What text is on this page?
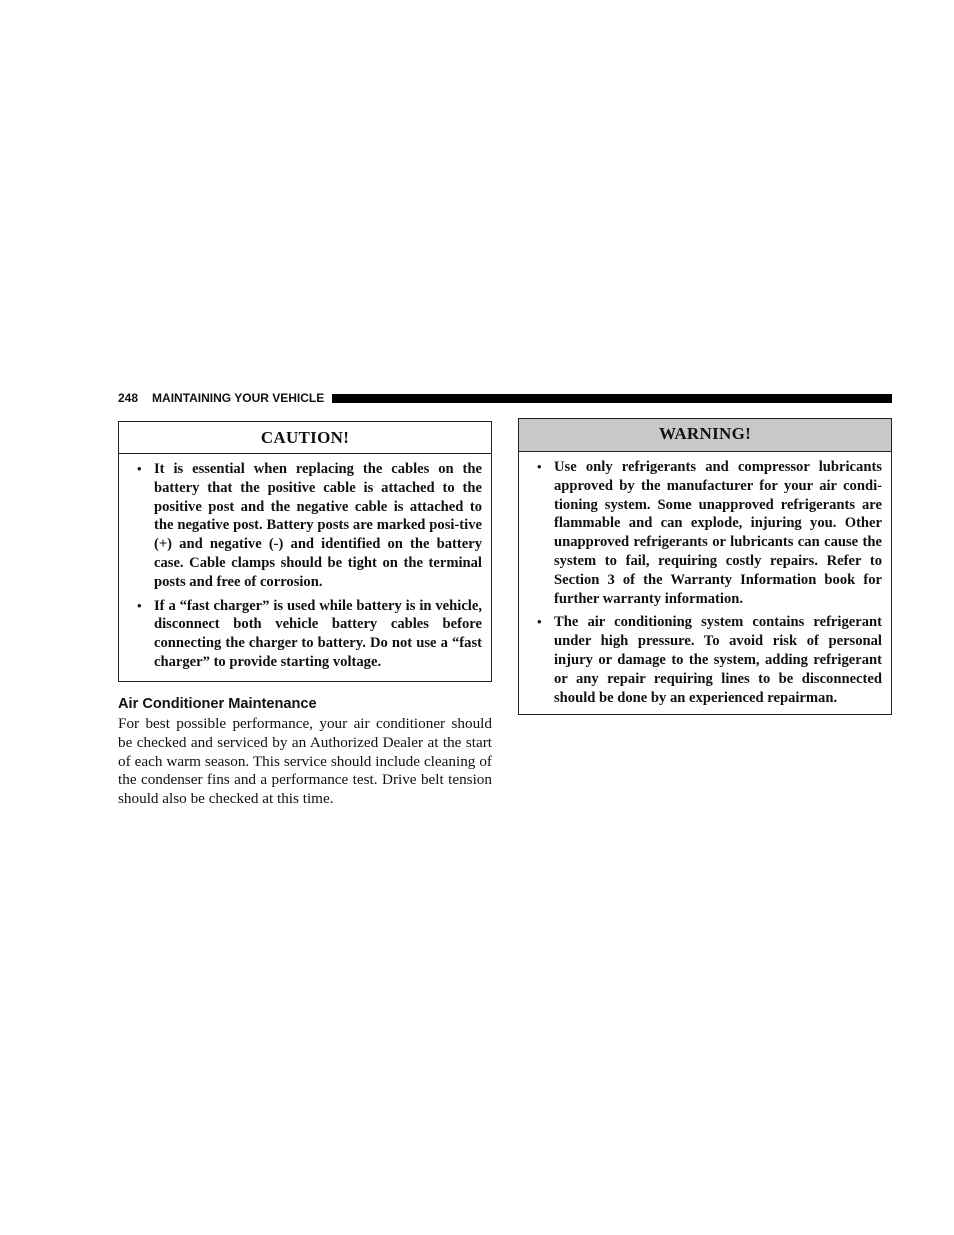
248 MAINTAINING YOUR VEHICLE
CAUTION!
• It is essential when replacing the cables on the battery that the positive cable is attached to the positive post and the negative cable is attached to the negative post. Battery posts are marked posi-tive (+) and negative (-) and identified on the battery case. Cable clamps should be tight on the terminal posts and free of corrosion.
• If a “fast charger” is used while battery is in vehicle, disconnect both vehicle battery cables before connecting the charger to battery. Do not use a “fast charger” to provide starting voltage.
Air Conditioner Maintenance
For best possible performance, your air conditioner should be checked and serviced by an Authorized Dealer at the start of each warm season. This service should include cleaning of the condenser fins and a performance test. Drive belt tension should also be checked at this time.
WARNING!
• Use only refrigerants and compressor lubricants approved by the manufacturer for your air condi-tioning system. Some unapproved refrigerants are flammable and can explode, injuring you. Other unapproved refrigerants or lubricants can cause the system to fail, requiring costly repairs. Refer to Section 3 of the Warranty Information book for further warranty information.
• The air conditioning system contains refrigerant under high pressure. To avoid risk of personal injury or damage to the system, adding refrigerant or any repair requiring lines to be disconnected should be done by an experienced repairman.
